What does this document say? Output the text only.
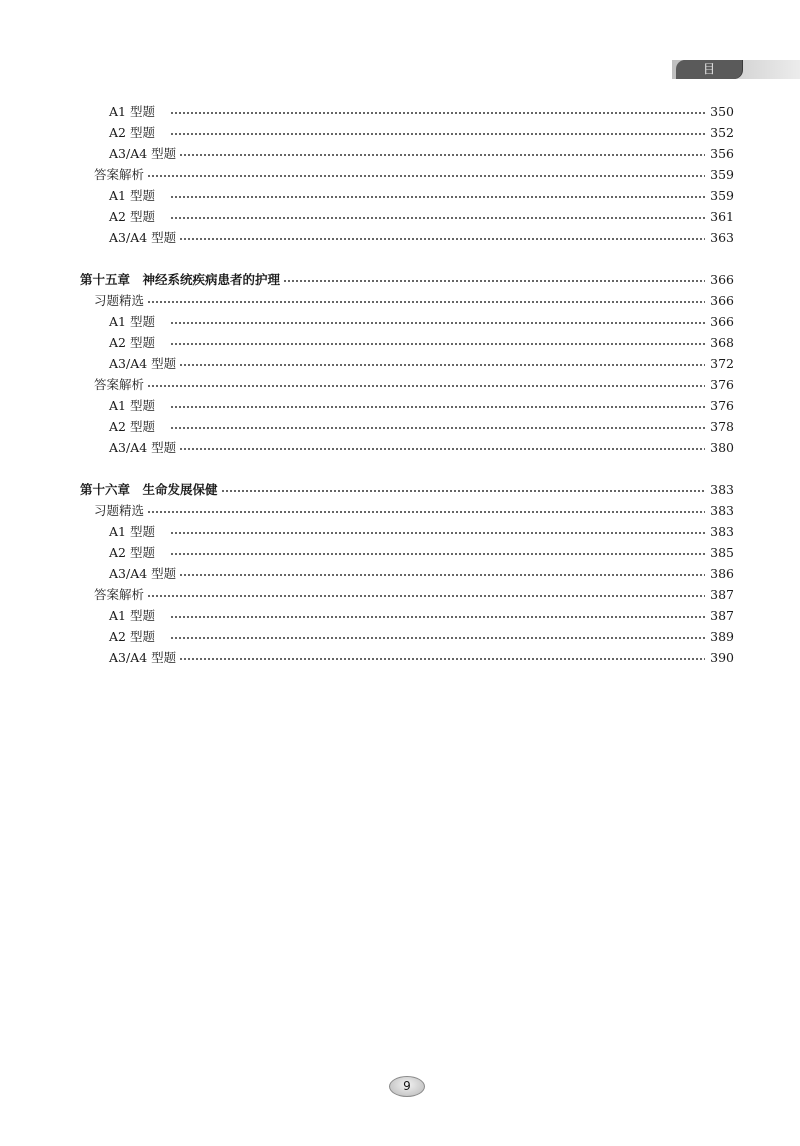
目 录
A1 型题	350
A2 型题	352
A3/A4 型题	356
答案解析	359
A1 型题	359
A2 型题	361
A3/A4 型题	363
第十五章　神经系统疾病患者的护理	366
习题精选	366
A1 型题	366
A2 型题	368
A3/A4 型题	372
答案解析	376
A1 型题	376
A2 型题	378
A3/A4 型题	380
第十六章　生命发展保健	383
习题精选	383
A1 型题	383
A2 型题	385
A3/A4 型题	386
答案解析	387
A1 型题	387
A2 型题	389
A3/A4 型题	390
9
